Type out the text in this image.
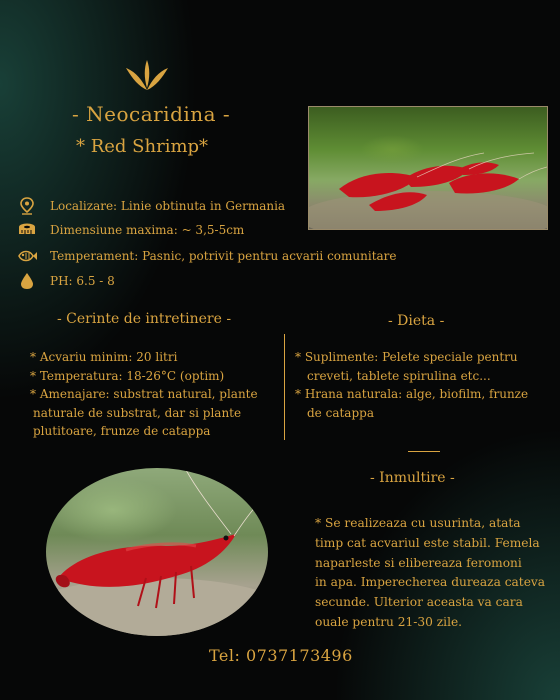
- Neocaridina -
* Red Shrimp*
Localizare: Linie obtinuta in Germania
Dimensiune maxima: ~ 3,5-5cm
Temperament: Pasnic, potrivit pentru acvarii comunitare
PH: 6.5 - 8
- Cerinte de intretinere -
* Acvariu minim: 20 litri
* Temperatura: 18-26°C (optim)
* Amenajare: substrat natural, plante
naturale de substrat, dar si plante
plutitoare, frunze de catappa
- Dieta -
* Suplimente: Pelete speciale pentru
creveti, tablete spirulina etc...
* Hrana naturala: alge, biofilm, frunze
de catappa
- Inmultire -
* Se realizeaza cu usurinta, atata
timp cat acvariul este stabil. Femela
naparleste si elibereaza feromoni
in apa. Imperecherea dureaza cateva
secunde. Ulterior aceasta va cara
ouale pentru 21-30 zile.
Tel: 0737173496
